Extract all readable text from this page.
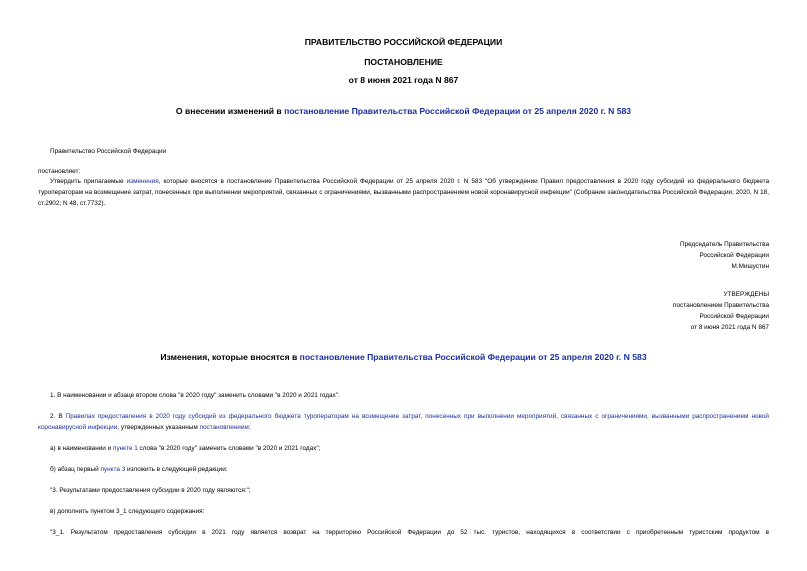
ПРАВИТЕЛЬСТВО РОССИЙСКОЙ ФЕДЕРАЦИИ
ПОСТАНОВЛЕНИЕ
от 8 июня 2021 года N 867
О внесении изменений в постановление Правительства Российской Федерации от 25 апреля 2020 г. N 583
Правительство Российской Федерации
постановляет:
Утвердить прилагаемые изменения, которые вносятся в постановление Правительства Российской Федерации от 25 апреля 2020 г. N 583 "Об утверждении Правил предоставления в 2020 году субсидий из федерального бюджета туроператорам на возмещение затрат, понесенных при выполнении мероприятий, связанных с ограничениями, вызванными распространением новой коронавирусной инфекции" (Собрание законодательства Российской Федерации, 2020, N 18, ст.2902; N 48, ст.7732).
Председатель Правительства
Российской Федерации
М.Мишустин
УТВЕРЖДЕНЫ
постановлением Правительства
Российской Федерации
от 8 июня 2021 года N 867
Изменения, которые вносятся в постановление Правительства Российской Федерации от 25 апреля 2020 г. N 583
1. В наименовании и абзаце втором слова "в 2020 году" заменить словами "в 2020 и 2021 годах".
2. В Правилах предоставления в 2020 году субсидий из федерального бюджета туроператорам на возмещение затрат, понесенных при выполнении мероприятий, связанных с ограничениями, вызванными распространением новой коронавирусной инфекции, утвержденных указанным постановлением:
а) в наименовании и пункте 1 слова "в 2020 году" заменить словами "в 2020 и 2021 годах";
б) абзац первый пункта 3 изложить в следующей редакции:
"3. Результатами предоставления субсидии в 2020 году являются:";
в) дополнить пунктом 3_1 следующего содержания:
"3_1. Результатом предоставления субсидии в 2021 году является возврат на территорию Российской Федерации до 52 тыс. туристов, находящихся в соответствии с приобретенным туристским продуктом в
